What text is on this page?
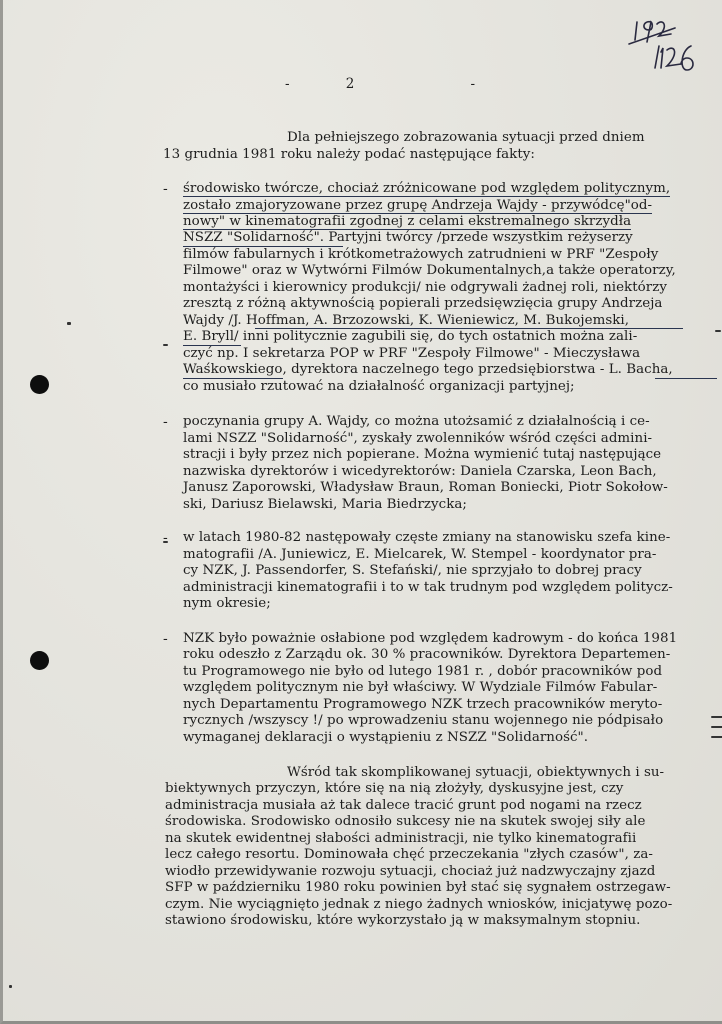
-	2	-
Dla pełniejszego zobrazowania sytuacji przed dniem
13 grudnia 1981 roku należy podać następujące fakty:
- środowisko twórcze, chociaż zróżnicowane pod względem politycznym,
zostało zmajoryzowane przez grupę Andrzeja Wajdy - przywódcę"od-
nowy" w kinematografii zgodnej z celami ekstremalnego skrzydła
NSZZ "Solidarność". Partyjni twórcy /przede wszystkim reżyserzy
filmów fabularnych i krótkometrażowych zatrudnieni w PRF "Zespoły
Filmowe" oraz w Wytwórni Filmów Dokumentalnych,a także operatorzy,
montażyści i kierownicy produkcji/ nie odgrywali żadnej roli, niektórzy
zresztą z różną aktywnością popierali przedsięwzięcia grupy Andrzeja
Wajdy /J. Hoffman, A. Brzozowski, K. Wieniewicz, M. Bukojemski,
E. Bryll/ inni politycznie zagubili się, do tych ostatnich można zali-
czyć np. I sekretarza POP w PRF "Zespoły Filmowe" - Mieczysława
Waśkowskiego, dyrektora naczelnego tego przedsiębiorstwa - L. Bacha,
co musiało rzutować na działalność organizacji partyjnej;
- poczynania grupy A. Wajdy, co można utożsamić z działalnością i ce-
lami NSZZ "Solidarność", zyskały zwolenników wśród części admini-
stracji i były przez nich popierane. Można wymienić tutaj następujące
nazwiska dyrektorów i wicedyrektorów: Daniela Czarska, Leon Bach,
Janusz Zaporowski, Władysław Braun, Roman Boniecki, Piotr Sokołow-
ski, Dariusz Bielawski, Maria Biedrzycka;
- w latach 1980-82 następowały częste zmiany na stanowisku szefa kine-
matografii /A. Juniewicz, E. Mielcarek, W. Stempel - koordynator pra-
cy NZK, J. Passendorfer, S. Stefański/, nie sprzyjało to dobrej pracy
administracji kinematografii i to w tak trudnym pod względem politycz-
nym okresie;
- NZK było poważnie osłabione pod względem kadrowym - do końca 1981
roku odeszło z Zarządu ok. 30 % pracowników. Dyrektora Departemen-
tu Programowego nie było od lutego 1981 r. , dobór pracowników pod
względem politycznym nie był właściwy. W Wydziale Filmów Fabular-
nych Departamentu Programowego NZK trzech pracowników meryto-
rycznych /wszyscy !/ po wprowadzeniu stanu wojennego nie pódpisało
wymaganej deklaracji o wystąpieniu z NSZZ "Solidarność".
Wśród tak skomplikowanej sytuacji, obiektywnych i su-
biektywnych przyczyn, które się na nią złożyły, dyskusyjne jest, czy
administracja musiała aż tak dalece tracić grunt pod nogami na rzecz
środowiska. Srodowisko odnosiło sukcesy nie na skutek swojej siły ale
na skutek ewidentnej słabości administracji, nie tylko kinematografii
lecz całego resortu. Dominowała chęć przeczekania "złych czasów", za-
wiodło przewidywanie rozwoju sytuacji, chociaż już nadzwyczajny zjazd
SFP w październiku 1980 roku powinien był stać się sygnałem ostrzegaw-
czym. Nie wyciągnięto jednak z niego żadnych wniosków, inicjatywę pozo-
stawiono środowisku, które wykorzystało ją w maksymalnym stopniu.
